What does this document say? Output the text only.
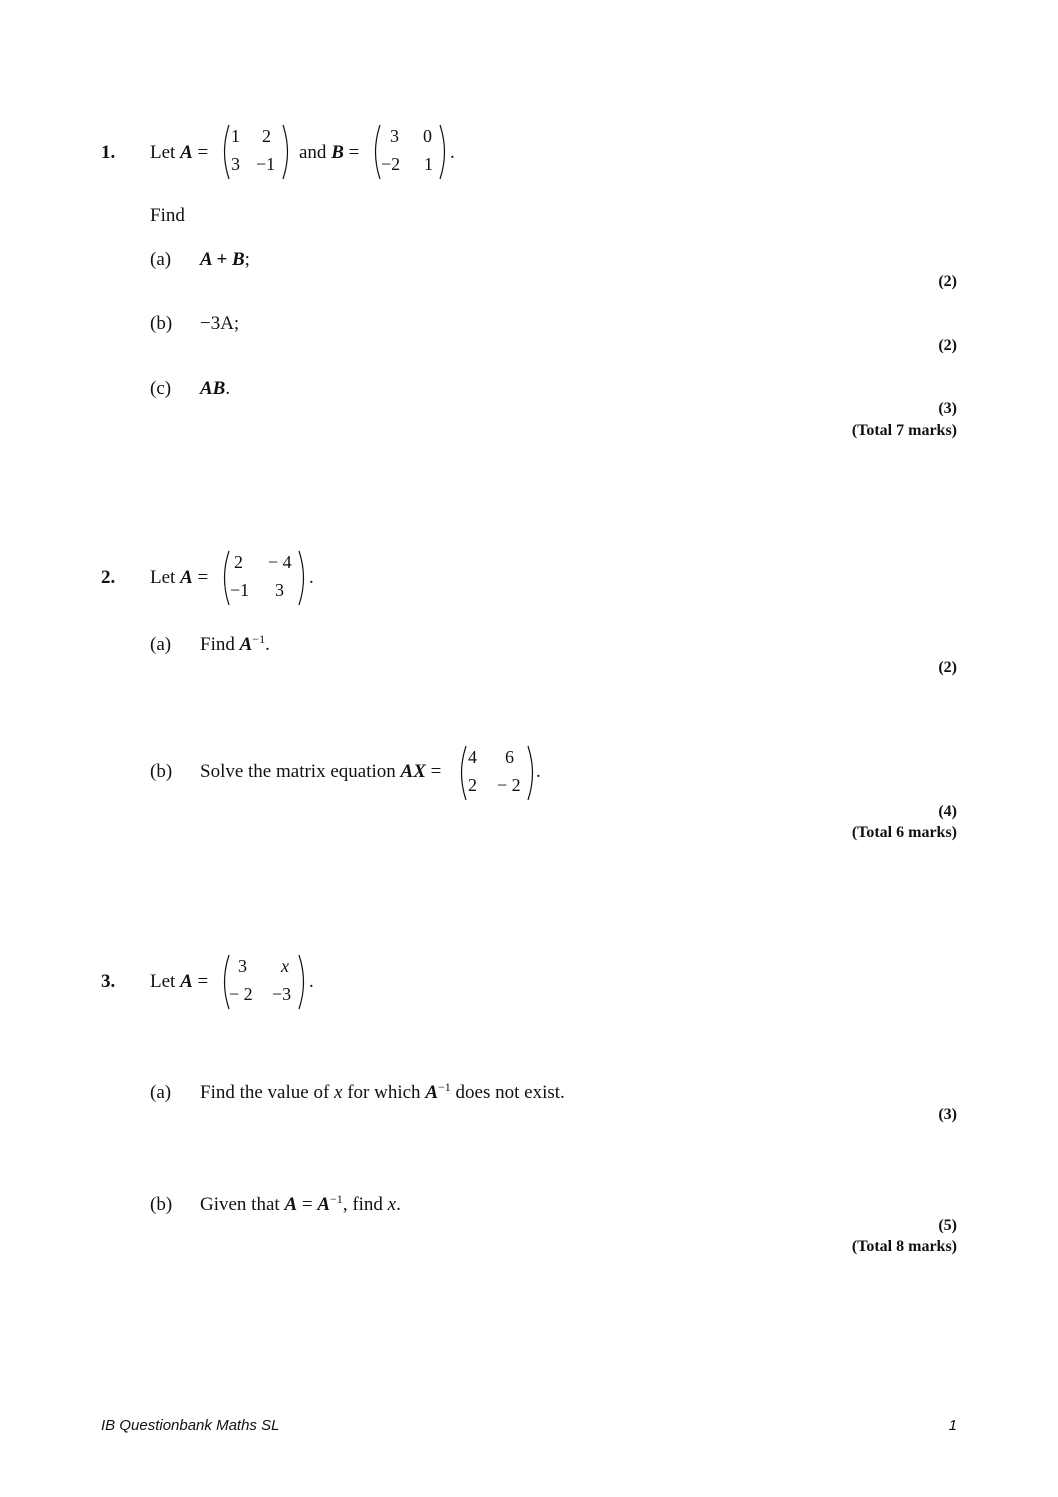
1. Let A =
1 2
3 −1
and B =
3 0
−2 1
.
Find
(a) A + B;
(2)
(b) −3A;
(2)
(c) AB.
(3)
(Total 7 marks)
2. Let A =
2 − 4
−1 3
.
(a) Find $A^{-1}$.
(2)
(b) Solve the matrix equation AX =
4 6
2 − 2
.
(4)
(Total 6 marks)
3. Let A =
3 x
− 2 −3
.
(a) Find the value of x for which $A^{-1}$ does not exist.
(3)
(b) Given that $A = A^{-1}$, find x.
(5)
(Total 8 marks)
IB Questionbank Maths SL	1
